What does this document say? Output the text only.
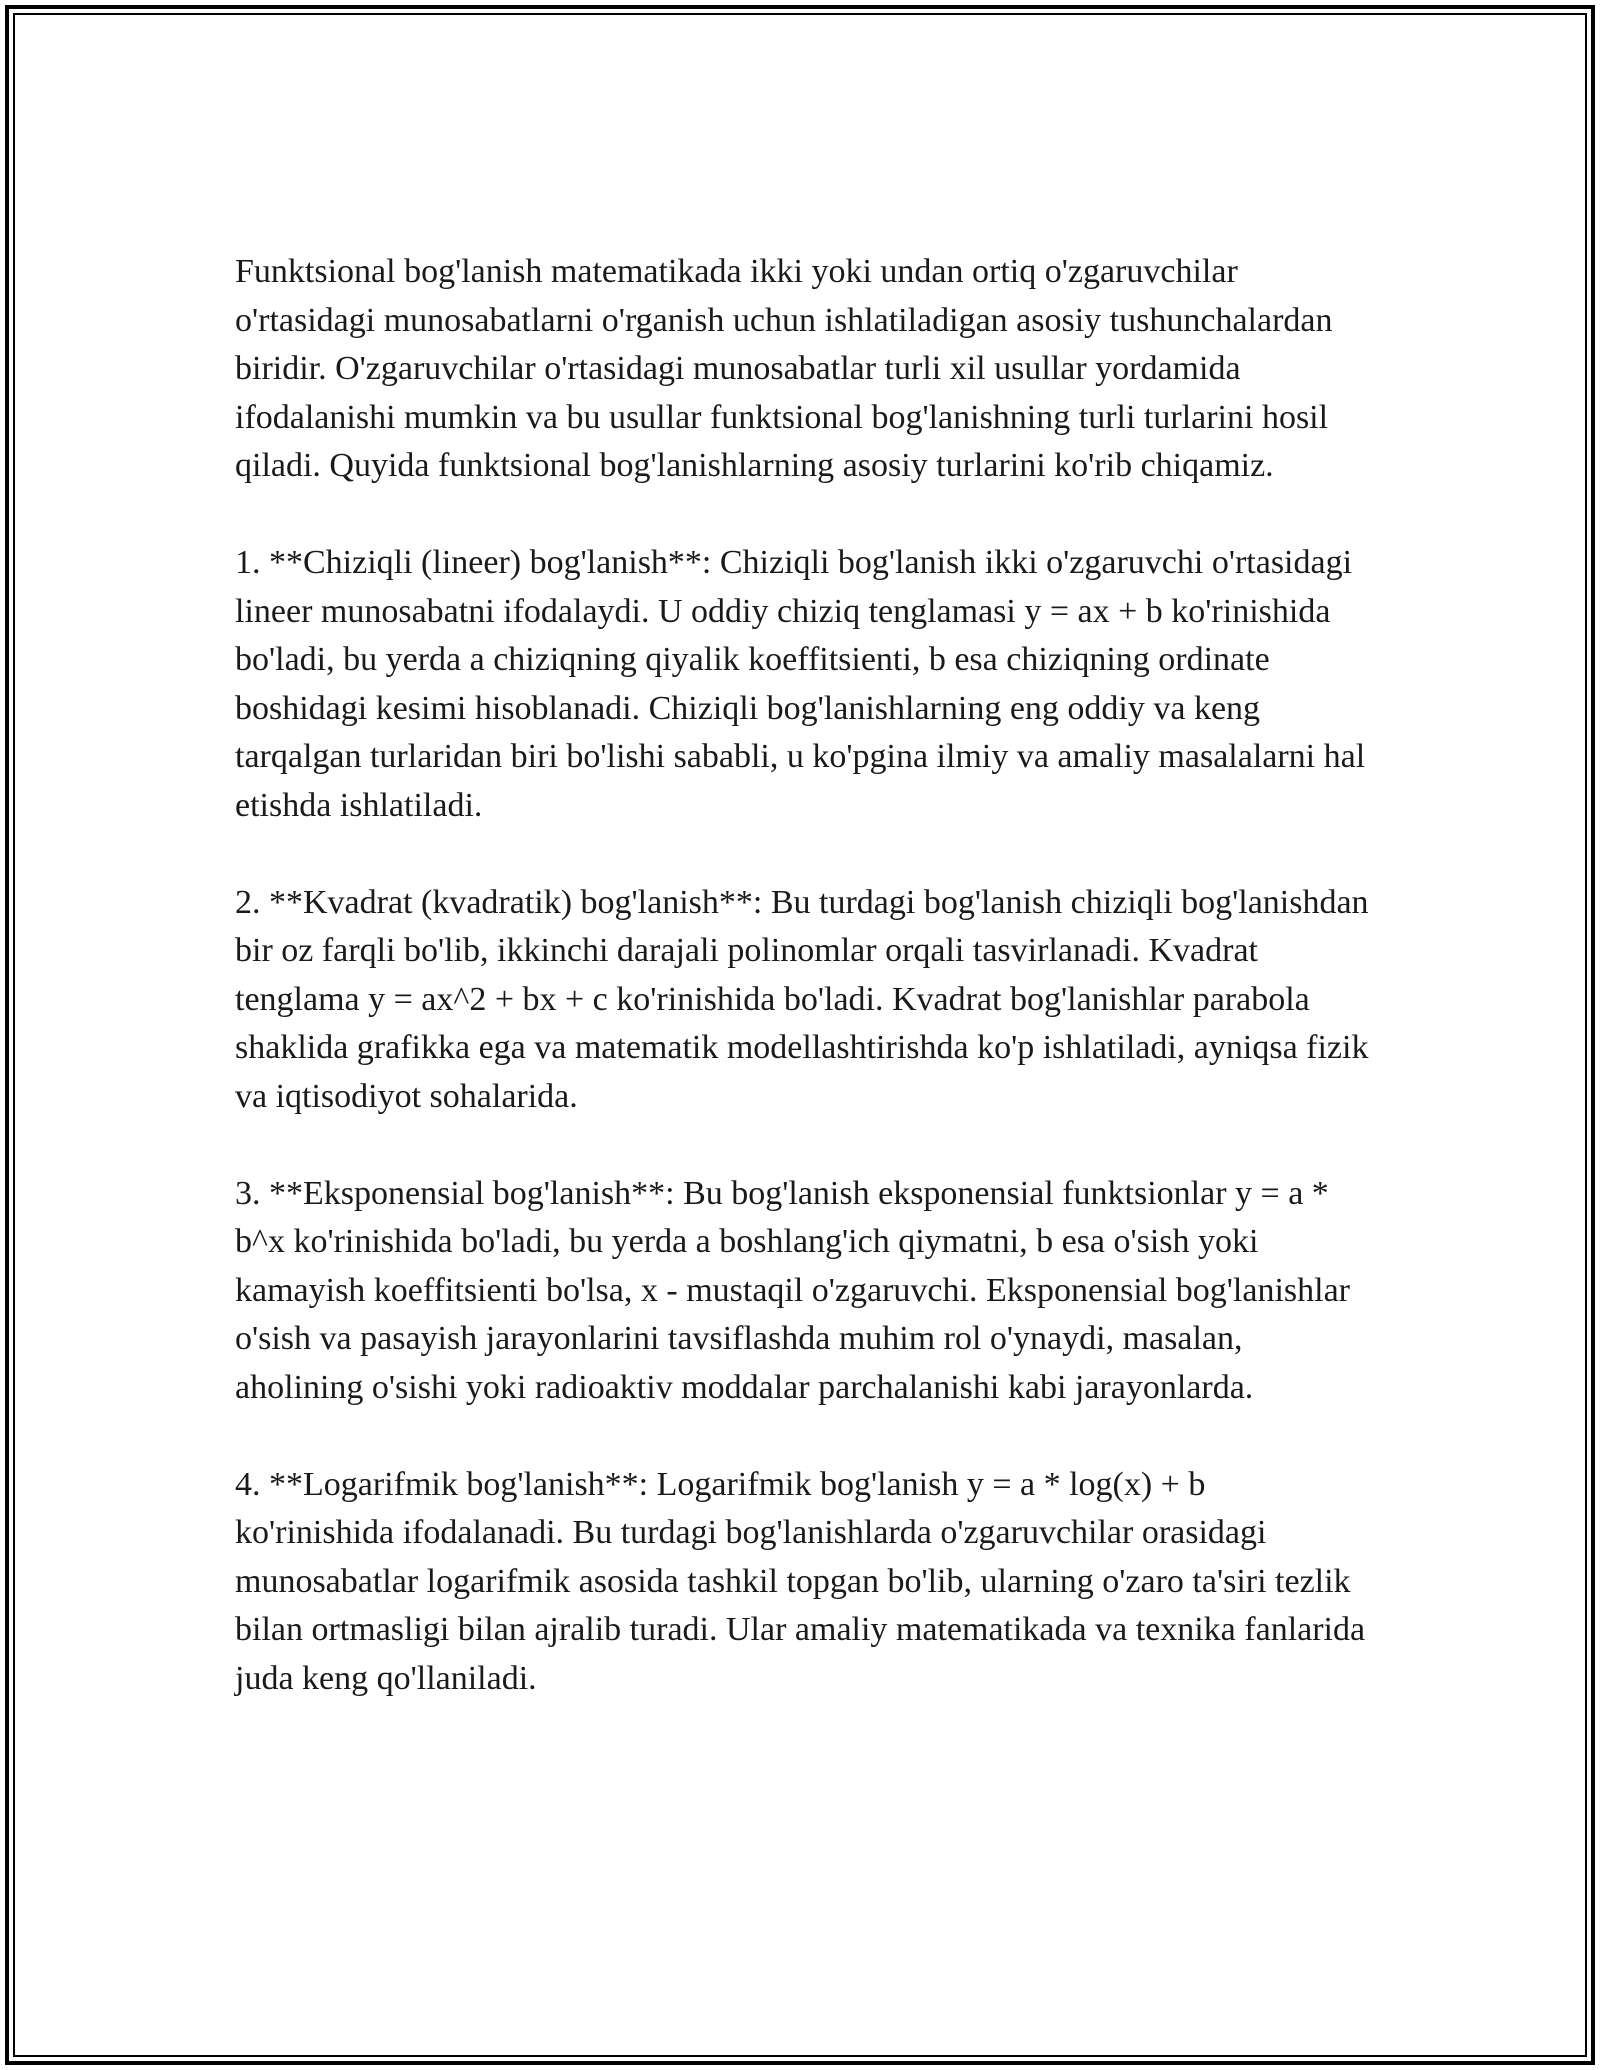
Funktsional bog'lanish matematikada ikki yoki undan ortiq o'zgaruvchilar o'rtasidagi munosabatlarni o'rganish uchun ishlatiladigan asosiy tushunchalardan biridir. O'zgaruvchilar o'rtasidagi munosabatlar turli xil usullar yordamida ifodalanishi mumkin va bu usullar funktsional bog'lanishning turli turlarini hosil qiladi. Quyida funktsional bog'lanishlarning asosiy turlarini ko'rib chiqamiz.

1. **Chiziqli (lineer) bog'lanish**: Chiziqli bog'lanish ikki o'zgaruvchi o'rtasidagi lineer munosabatni ifodalaydi. U oddiy chiziq tenglamasi y = ax + b ko'rinishida bo'ladi, bu yerda a chiziqning qiyalik koeffitsienti, b esa chiziqning ordinate boshidagi kesimi hisoblanadi. Chiziqli bog'lanishlarning eng oddiy va keng tarqalgan turlaridan biri bo'lishi sababli, u ko'pgina ilmiy va amaliy masalalarni hal etishda ishlatiladi.

2. **Kvadrat (kvadratik) bog'lanish**: Bu turdagi bog'lanish chiziqli bog'lanishdan bir oz farqli bo'lib, ikkinchi darajali polinomlar orqali tasvirlanadi. Kvadrat tenglama y = ax^2 + bx + c ko'rinishida bo'ladi. Kvadrat bog'lanishlar parabola shaklida grafikka ega va matematik modellashtirishda ko'p ishlatiladi, ayniqsa fizik va iqtisodiyot sohalarida.

3. **Eksponensial bog'lanish**: Bu bog'lanish eksponensial funktsionlar y = a * b^x ko'rinishida bo'ladi, bu yerda a boshlang'ich qiymatni, b esa o'sish yoki kamayish koeffitsienti bo'lsa, x - mustaqil o'zgaruvchi. Eksponensial bog'lanishlar o'sish va pasayish jarayonlarini tavsiflashda muhim rol o'ynaydi, masalan, aholining o'sishi yoki radioaktiv moddalar parchalanishi kabi jarayonlarda.

4. **Logarifmik bog'lanish**: Logarifmik bog'lanish y = a * log(x) + b ko'rinishida ifodalanadi. Bu turdagi bog'lanishlarda o'zgaruvchilar orasidagi munosabatlar logarifmik asosida tashkil topgan bo'lib, ularning o'zaro ta'siri tezlik bilan ortmasligi bilan ajralib turadi. Ular amaliy matematikada va texnika fanlarida juda keng qo'llaniladi.
